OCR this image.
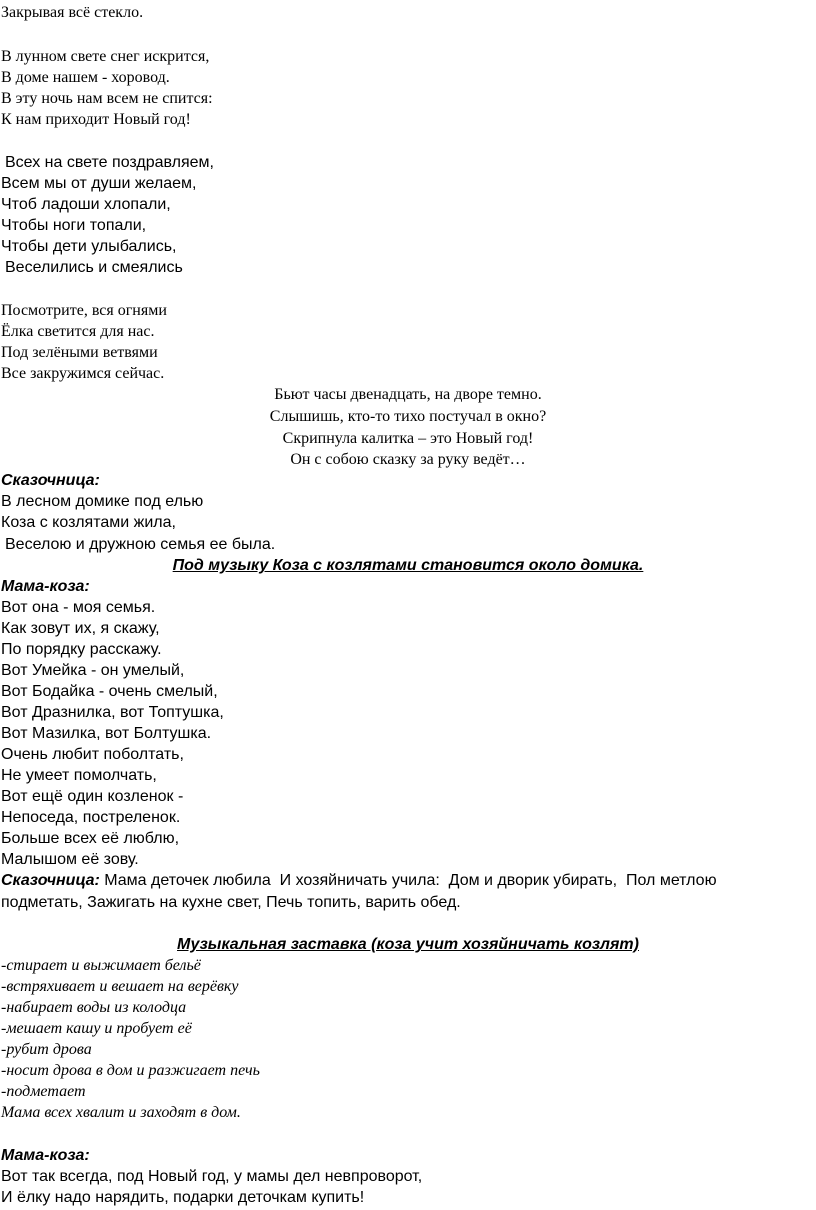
Закрывая всё стекло.
В лунном свете снег искрится,
В доме нашем - хоровод.
В эту ночь нам всем не спится:
К нам приходит Новый год!
Всех на свете поздравляем,
Всем мы от души желаем,
Чтоб ладоши хлопали,
Чтобы ноги топали,
Чтобы дети улыбались,
Веселились и смеялись
Посмотрите, вся огнями
Ёлка светится для нас.
Под зелёными ветвями
Все закружимся сейчас.
Бьют часы двенадцать, на дворе темно.
Слышишь, кто-то тихо постучал в окно?
Скрипнула калитка – это Новый год!
Он с собою сказку за руку ведёт…
Сказочница:
В лесном домике под елью
Коза с козлятами жила,
Веселою и дружною семья ее была.
Под музыку Коза с козлятами становится около домика.
Мама-коза:
Вот она - моя семья.
Как зовут их, я скажу,
По порядку расскажу.
Вот Умейка - он умелый,
Вот Бодайка - очень смелый,
Вот Дразнилка, вот Топтушка,
Вот Мазилка, вот Болтушка.
Очень любит поболтать,
Не умеет помолчать,
Вот ещё один козленок -
Непоседа, постреленок.
Больше всех её люблю,
Малышом её зову.
Сказочница: Мама деточек любила  И хозяйничать учила:  Дом и дворик убирать,  Пол метлою
подметать, Зажигать на кухне свет, Печь топить, варить обед.
Музыкальная заставка (коза учит хозяйничать козлят)
-стирает и выжимает бельё
-встряхивает и вешает на верёвку
-набирает воды из колодца
-мешает кашу и пробует её
-рубит дрова
-носит дрова в дом и разжигает печь
-подметает
Мама всех хвалит и заходят в дом.
Мама-коза:
Вот так всегда, под Новый год, у мамы дел невпроворот,
И ёлку надо нарядить, подарки деточкам купить!
